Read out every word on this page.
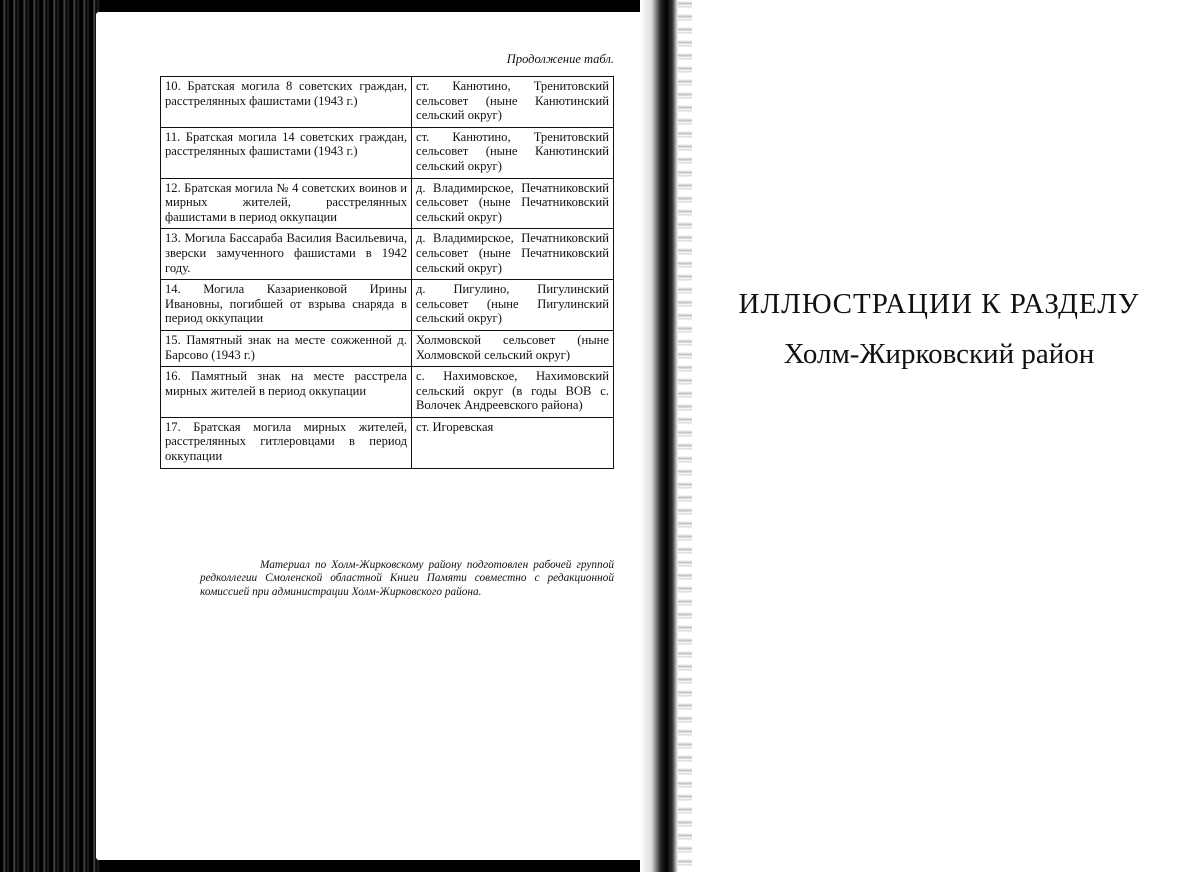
Продолжение табл.
10. Братская могила 8 советских граждан, расстрелянных фашистами (1943 г.)	ст. Канютино, Тренитовский сельсовет (ныне Канютинский сельский округ)
11. Братская могила 14 советских граждан, расстрелянных фашистами (1943 г.)	ст. Канютино, Тренитовский сельсовет (ныне Канютинский сельский округ)
12. Братская могила № 4 советских воинов и мирных жителей, расстрелянных фашистами в период оккупации	д. Владимирское, Печатниковский сельсовет (ныне Печатниковский сельский округ)
13. Могила Бассараба Василия Васильевича, зверски замученного фашистами в 1942 году.	д. Владимирское, Печатниковский сельсовет (ныне Печатниковский сельский округ)
14. Могила Казариенковой Ирины Ивановны, погибшей от взрыва снаряда в период оккупации	д. Пигулино, Пигулинский сельсовет (ныне Пигулинский сельский округ)
15. Памятный знак на месте сожженной д. Барсово (1943 г.)	Холмовской сельсовет (ныне Холмовской сельский округ)
16. Памятный знак на месте расстрела мирных жителей в период оккупации	с. Нахимовское, Нахимовский сельский округ (в годы ВОВ с. Волочек Андреевского района)
17. Братская могила мирных жителей, расстрелянных гитлеровцами в период оккупации	ст. Игоревская
Материал по Холм-Жирковскому району подготовлен рабочей группой редколлегии Смоленской областной Книги Памяти совместно с редакционной комиссией при администрации Холм-Жирковского района.
ИЛЛЮСТРАЦИИ К РАЗДЕЛУ
Холм-Жирковский район
